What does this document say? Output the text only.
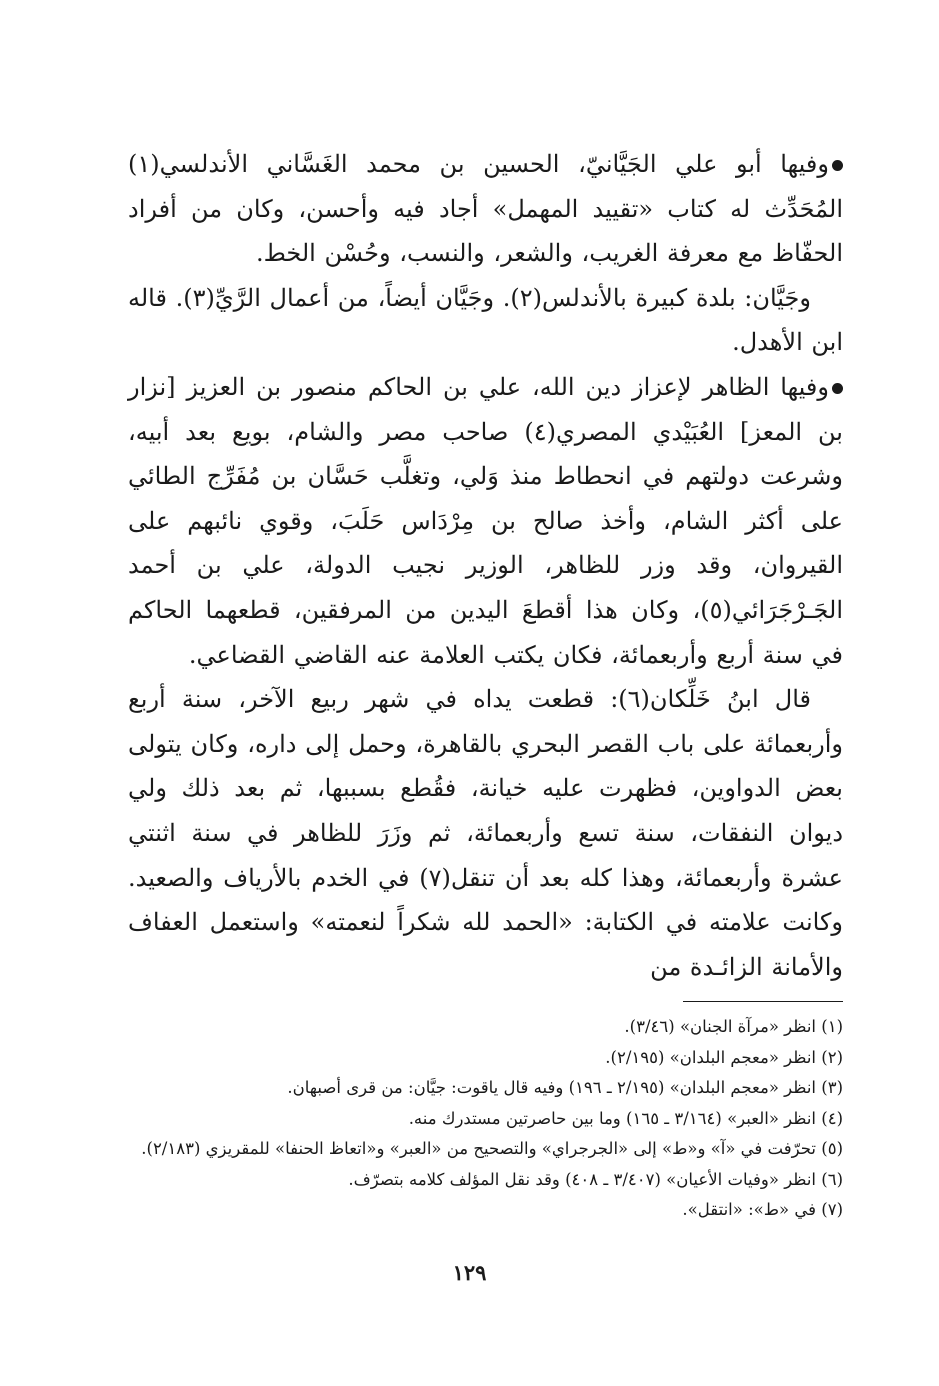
وفيها أبو علي الجَيَّانيّ، الحسين بن محمد الغَسَّاني الأندلسي(١) المُحَدِّث له كتاب «تقييد المهمل» أجاد فيه وأحسن، وكان من أفراد الحفّاظ مع معرفة الغريب، والشعر، والنسب، وحُسْن الخط.

وجَيَّان: بلدة كبيرة بالأندلس(٢). وجَيَّان أيضاً، من أعمال الرَّيِّ(٣). قاله ابن الأهدل.

وفيها الظاهر لإعزاز دين الله، علي بن الحاكم منصور بن العزيز [نزار بن المعز] العُبَيْدي المصري(٤) صاحب مصر والشام، بويع بعد أبيه، وشرعت دولتهم في انحطاط منذ وَلي، وتغلَّب حَسَّان بن مُفَرِّج الطائي على أكثر الشام، وأخذ صالح بن مِرْدَاس حَلَبَ، وقوي نائبهم على القيروان، وقد وزر للظاهر، الوزير نجيب الدولة، علي بن أحمد الجَـرْجَرَائي(٥)، وكان هذا أقطعَ اليدين من المرفقين، قطعهما الحاكم في سنة أربع وأربعمائة، فكان يكتب العلامة عنه القاضي القضاعي.

قال ابنُ خَلِّكان(٦): قطعت يداه في شهر ربيع الآخر، سنة أربع وأربعمائة على باب القصر البحري بالقاهرة، وحمل إلى داره، وكان يتولى بعض الدواوين، فظهرت عليه خيانة، فقُطع بسببها، ثم بعد ذلك ولي ديوان النفقات، سنة تسع وأربعمائة، ثم وزَرَ للظاهر في سنة اثنتي عشرة وأربعمائة، وهذا كله بعد أن تنقل(٧) في الخدم بالأرياف والصعيد. وكانت علامته في الكتابة: «الحمد لله شكراً لنعمته» واستعمل العفاف والأمانة الزائـدة من

(١) انظر «مرآة الجنان» (٣/٤٦).

(٢) انظر «معجم البلدان» (٢/١٩٥).

(٣) انظر «معجم البلدان» (٢/١٩٥ ـ ١٩٦) وفيه قال ياقوت: جيَّان: من قرى أصبهان.

(٤) انظر «العبر» (٣/١٦٤ ـ ١٦٥) وما بين حاصرتين مستدرك منه.

(٥) تحرّفت في «آ» و«ط» إلى «الجرجراي» والتصحيح من «العبر» و«اتعاظ الحنفا» للمقريزي (٢/١٨٣).

(٦) انظر «وفيات الأعيان» (٣/٤٠٧ ـ ٤٠٨) وقد نقل المؤلف كلامه بتصرّف.

(٧) في «ط»: «انتقل».

١٢٩
